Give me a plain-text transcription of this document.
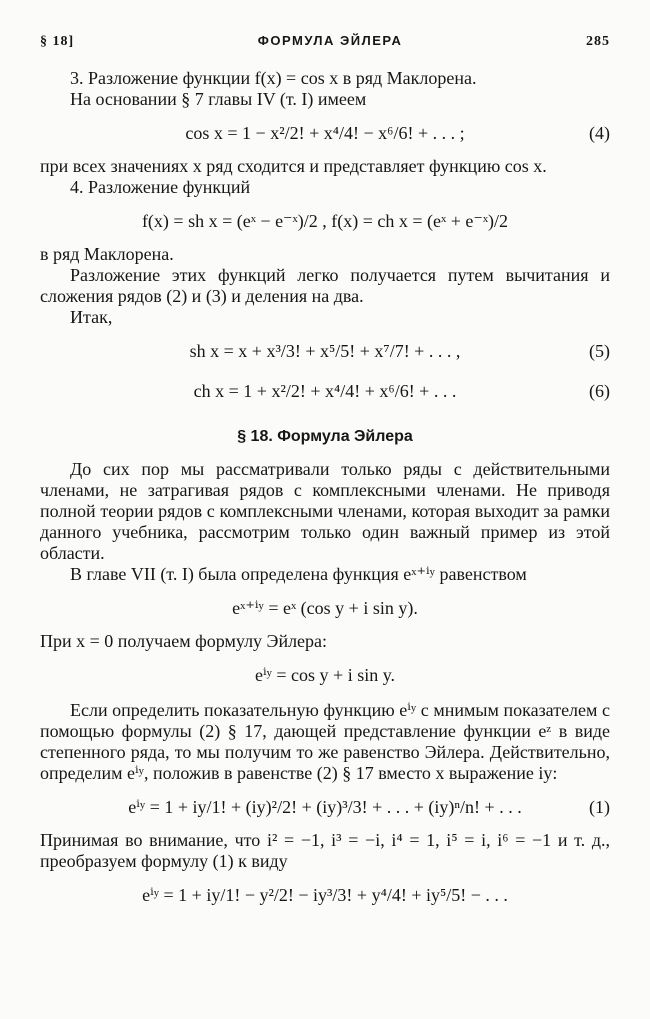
§ 18]	ФОРМУЛА ЭЙЛЕРА	285

3. Разложение функции f(x) = cos x в ряд Маклорена.

На основании § 7 главы IV (т. I) имеем

cos x = 1 − x²/2! + x⁴/4! − x⁶/6! + . . . ;	(4)

при всех значениях x ряд сходится и представляет функцию cos x.

4. Разложение функций

f(x) = sh x = (eˣ − e⁻ˣ)/2 , f(x) = ch x = (eˣ + e⁻ˣ)/2

в ряд Маклорена.

Разложение этих функций легко получается путем вычитания и сложения рядов (2) и (3) и деления на два.

Итак,

sh x = x + x³/3! + x⁵/5! + x⁷/7! + . . . ,	(5)
ch x = 1 + x²/2! + x⁴/4! + x⁶/6! + . . .	(6)
§ 18. Формула Эйлера

До сих пор мы рассматривали только ряды с действительными членами, не затрагивая рядов с комплексными членами. Не приводя полной теории рядов с комплексными членами, которая выходит за рамки данного учебника, рассмотрим только один важный пример из этой области.

В главе VII (т. I) была определена функция eˣ⁺ⁱʸ равенством

eˣ⁺ⁱʸ = eˣ (cos y + i sin y).

При x = 0 получаем формулу Эйлера:

eⁱʸ = cos y + i sin y.

Если определить показательную функцию eⁱʸ с мнимым показателем с помощью формулы (2) § 17, дающей представление функции eᶻ в виде степенного ряда, то мы получим то же равенство Эйлера. Действительно, определим eⁱʸ, положив в равенстве (2) § 17 вместо x выражение iy:

eⁱʸ = 1 + iy/1! + (iy)²/2! + (iy)³/3! + . . . + (iy)ⁿ/n! + . . .	(1)

Принимая во внимание, что i² = −1, i³ = −i, i⁴ = 1, i⁵ = i, i⁶ = −1 и т. д., преобразуем формулу (1) к виду

eⁱʸ = 1 + iy/1! − y²/2! − iy³/3! + y⁴/4! + iy⁵/5! − . . .
